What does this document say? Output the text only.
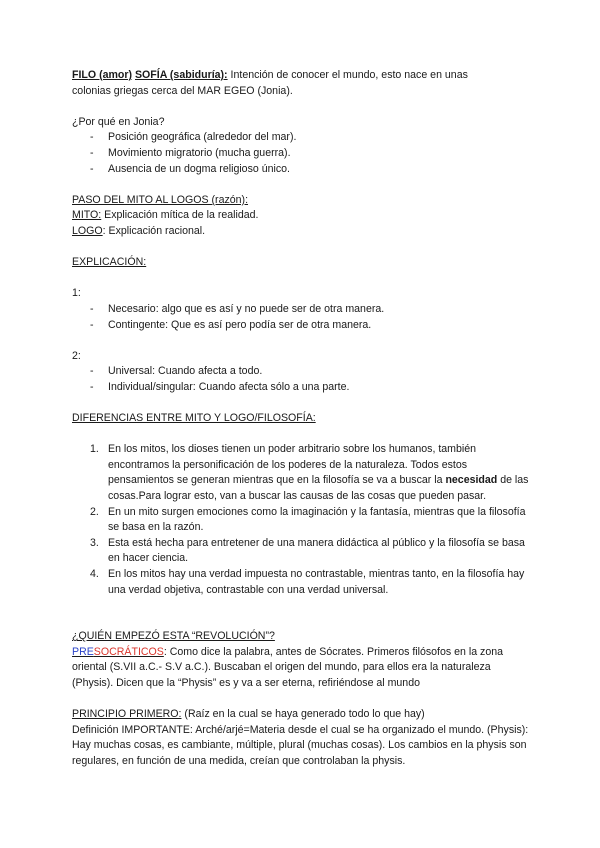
FILO (amor) SOFÍA (sabiduría): Intención de conocer el mundo, esto nace en unas

colonias griegas cerca del MAR EGEO (Jonia).

¿Por qué en Jonia?

- Posición geográfica (alrededor del mar).
- Movimiento migratorio (mucha guerra).
- Ausencia de un dogma religioso único.

PASO DEL MITO AL LOGOS (razón):

MITO: Explicación mítica de la realidad.

LOGO: Explicación racional.

EXPLICACIÓN:

1:

- Necesario: algo que es así y no puede ser de otra manera.
- Contingente: Que es así pero podía ser de otra manera.

2:

- Universal: Cuando afecta a todo.
- Individual/singular: Cuando afecta sólo a una parte.

DIFERENCIAS ENTRE MITO Y LOGO/FILOSOFÍA:

1. En los mitos, los dioses tienen un poder arbitrario sobre los humanos, también encontramos la personificación de los poderes de la naturaleza. Todos estos pensamientos se generan mientras que en la filosofía se va a buscar la necesidad de las cosas.Para lograr esto, van a buscar las causas de las cosas que pueden pasar.
2. En un mito surgen emociones como la imaginación y la fantasía, mientras que la filosofía se basa en la razón.
3. Esta está hecha para entretener de una manera didáctica al público y la filosofía se basa en hacer ciencia.
4. En los mitos hay una verdad impuesta no contrastable, mientras tanto, en la filosofía hay una verdad objetiva, contrastable con una verdad universal.

¿QUIÉN EMPEZÓ ESTA “REVOLUCIÓN”?

PRESOCRÁTICOS: Como dice la palabra, antes de Sócrates. Primeros filósofos en la zona oriental (S.VII a.C.- S.V a.C.). Buscaban el origen del mundo, para ellos era la naturaleza (Physis). Dicen que la “Physis” es y va a ser eterna, refiriéndose al mundo

PRINCIPIO PRIMERO: (Raíz en la cual se haya generado todo lo que hay)

Definición IMPORTANTE: Arché/arjé=Materia desde el cual se ha organizado el mundo. (Physis): Hay muchas cosas, es cambiante, múltiple, plural (muchas cosas). Los cambios en la physis son regulares, en función de una medida, creían que controlaban la physis.
